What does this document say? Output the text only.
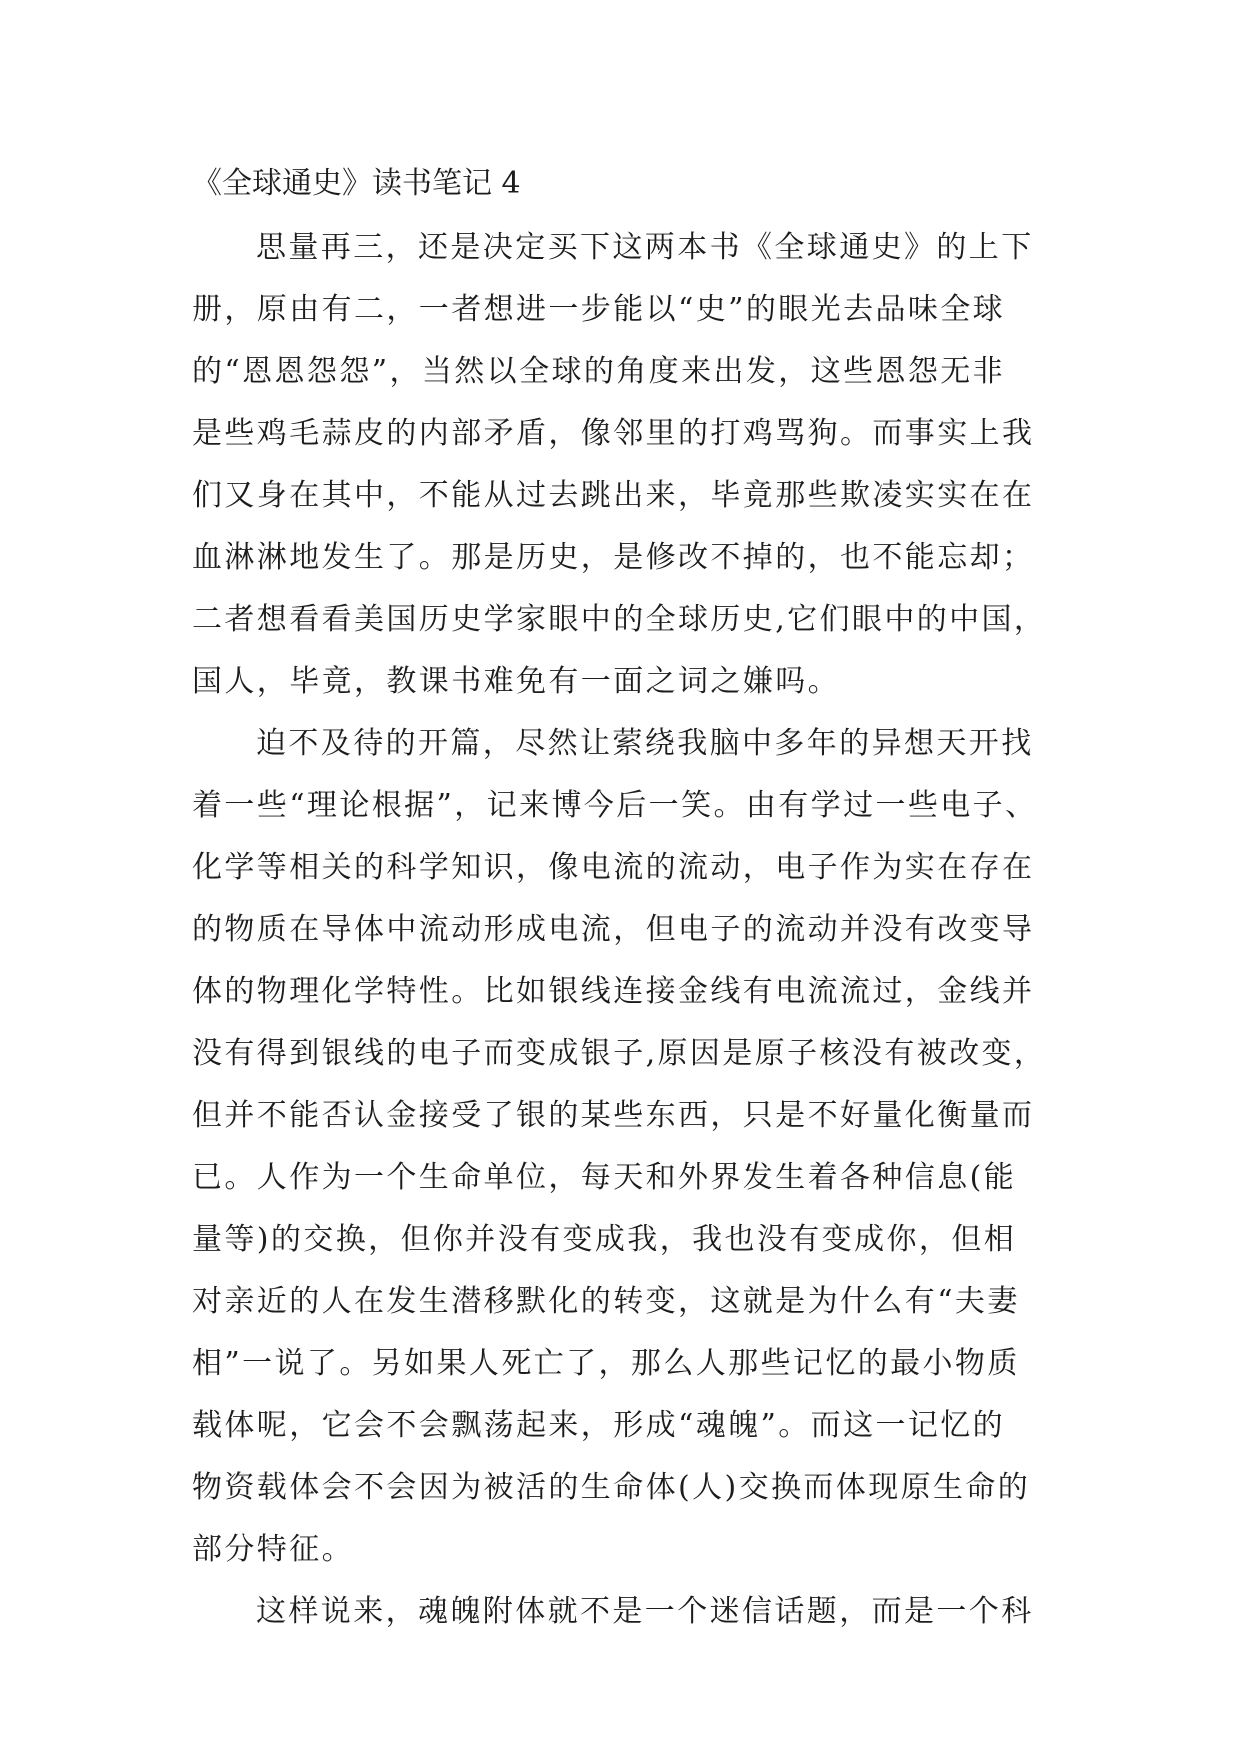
《全球通史》读书笔记 4
思量再三，还是决定买下这两本书《全球通史》的上下
册，原由有二，一者想进一步能以“史”的眼光去品味全球
的“恩恩怨怨”，当然以全球的角度来出发，这些恩怨无非
是些鸡毛蒜皮的内部矛盾，像邻里的打鸡骂狗。而事实上我
们又身在其中，不能从过去跳出来，毕竟那些欺凌实实在在
血淋淋地发生了。那是历史，是修改不掉的，也不能忘却；
二者想看看美国历史学家眼中的全球历史,它们眼中的中国，
国人，毕竟，教课书难免有一面之词之嫌吗。
迫不及待的开篇，尽然让萦绕我脑中多年的异想天开找
着一些“理论根据”，记来博今后一笑。由有学过一些电子、
化学等相关的科学知识，像电流的流动，电子作为实在存在
的物质在导体中流动形成电流，但电子的流动并没有改变导
体的物理化学特性。比如银线连接金线有电流流过，金线并
没有得到银线的电子而变成银子,原因是原子核没有被改变，
但并不能否认金接受了银的某些东西，只是不好量化衡量而
已。人作为一个生命单位，每天和外界发生着各种信息(能
量等)的交换，但你并没有变成我，我也没有变成你，但相
对亲近的人在发生潜移默化的转变，这就是为什么有“夫妻
相”一说了。另如果人死亡了，那么人那些记忆的最小物质
载体呢，它会不会飘荡起来，形成“魂魄”。而这一记忆的
物资载体会不会因为被活的生命体(人)交换而体现原生命的
部分特征。
这样说来，魂魄附体就不是一个迷信话题，而是一个科
